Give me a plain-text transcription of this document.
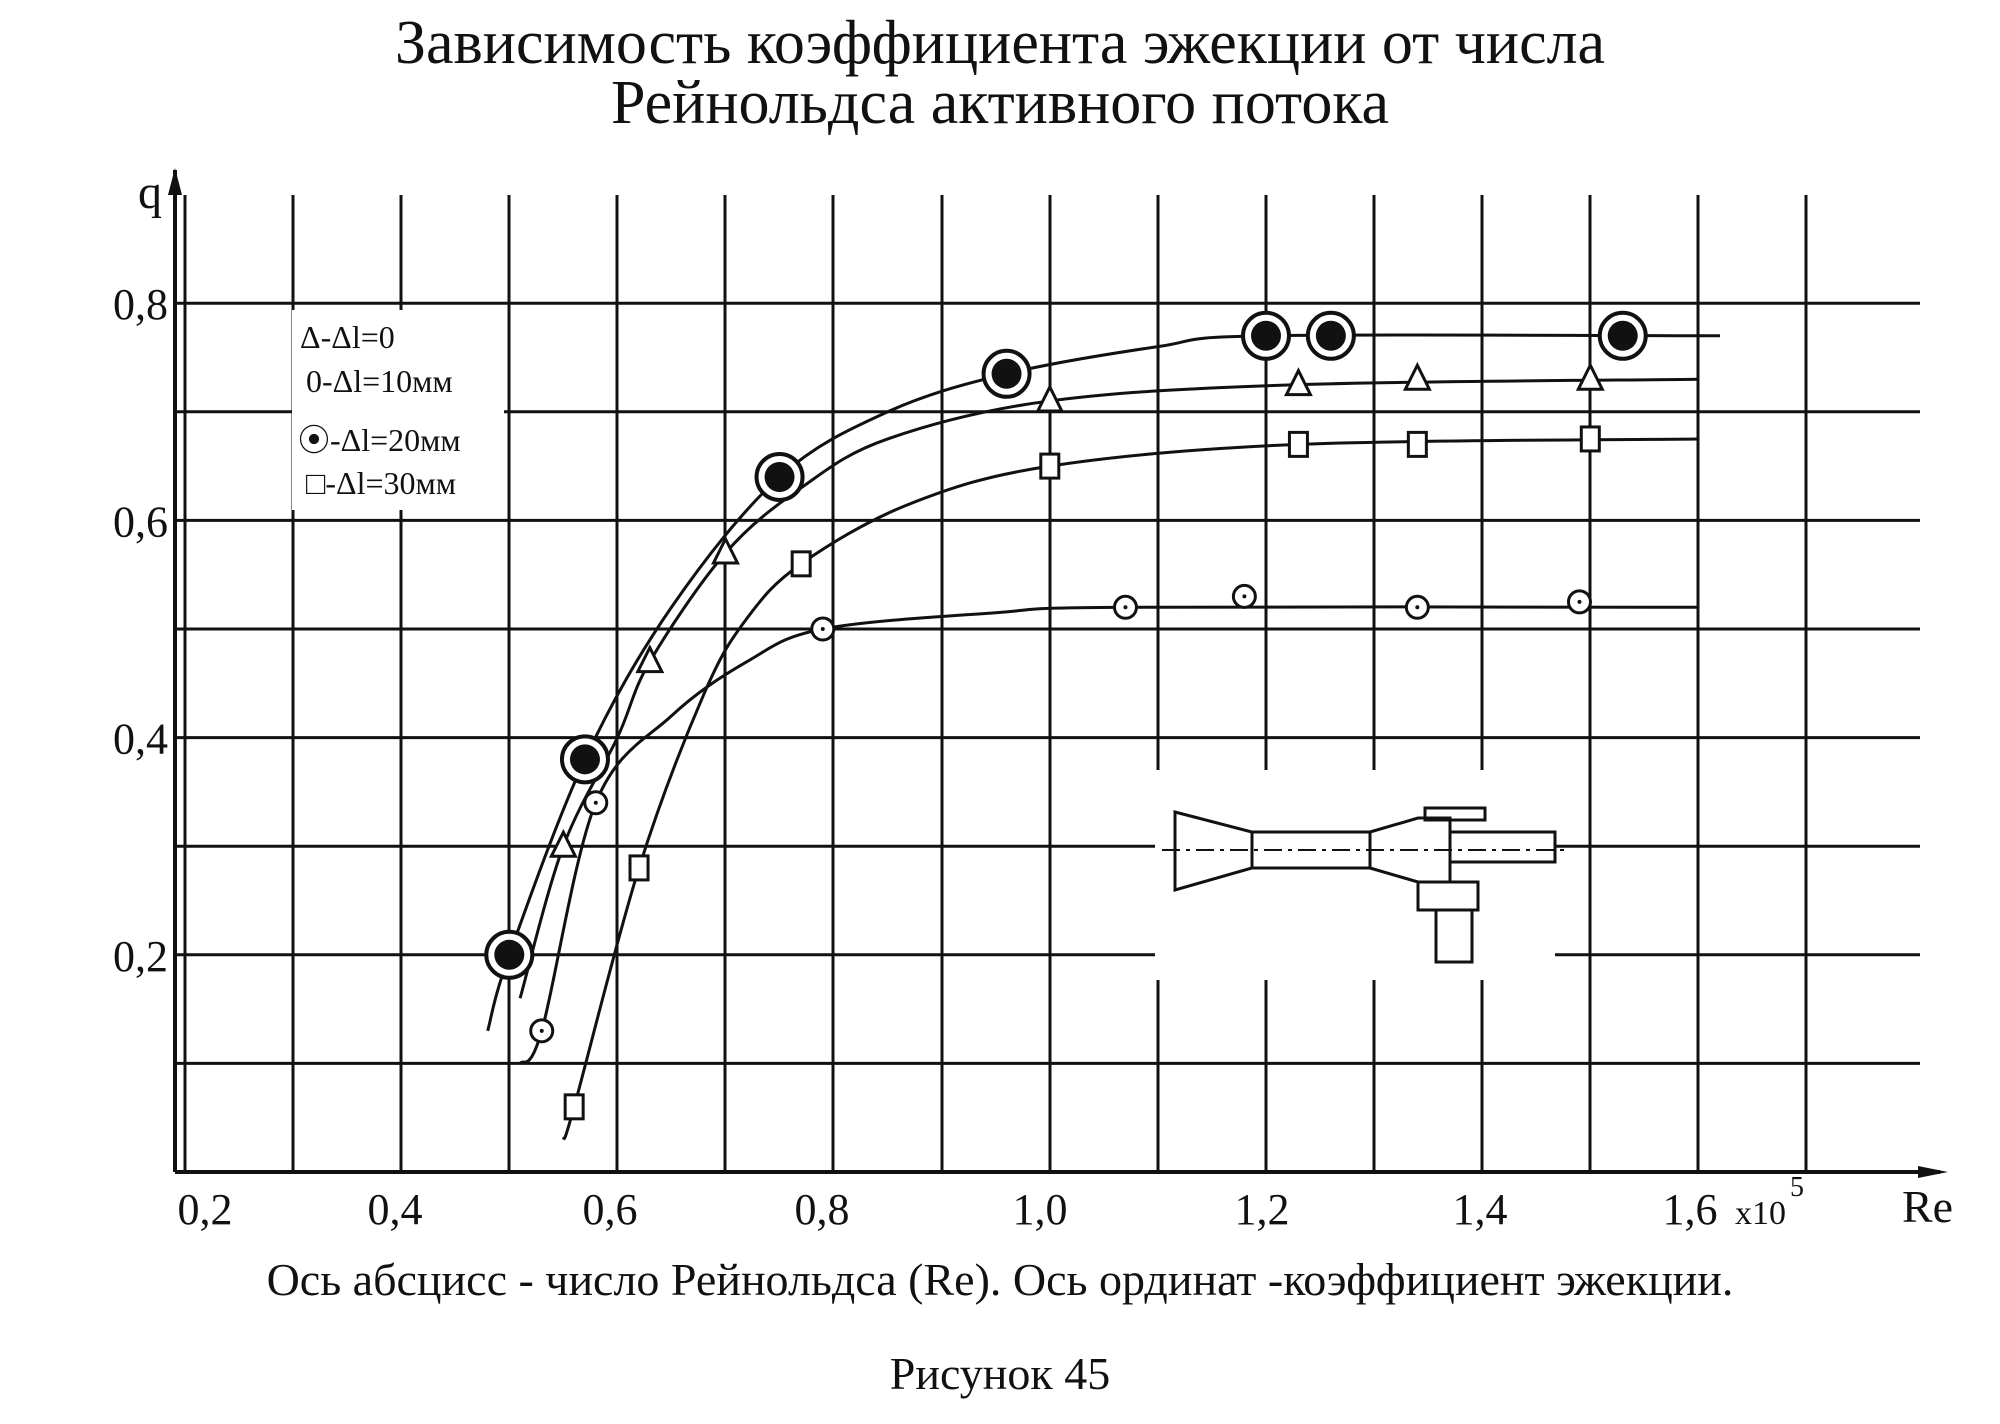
Зависимость коэффициента эжекции от числа
Рейнольдса активного потока
0,2	0,4	0,6	0,8	1,0	1,2	1,4	1,6 x10
5
0,2
0,4
0,6
0,8
Δ-Δl=0
0-Δl=10мм
⦿-Δl=20мм
□-Δl=30мм
q
Re
Ось абсцисс - число Рейнольдса (Re). Ось ординат -коэффициент эжекции.
Рисунок 45
